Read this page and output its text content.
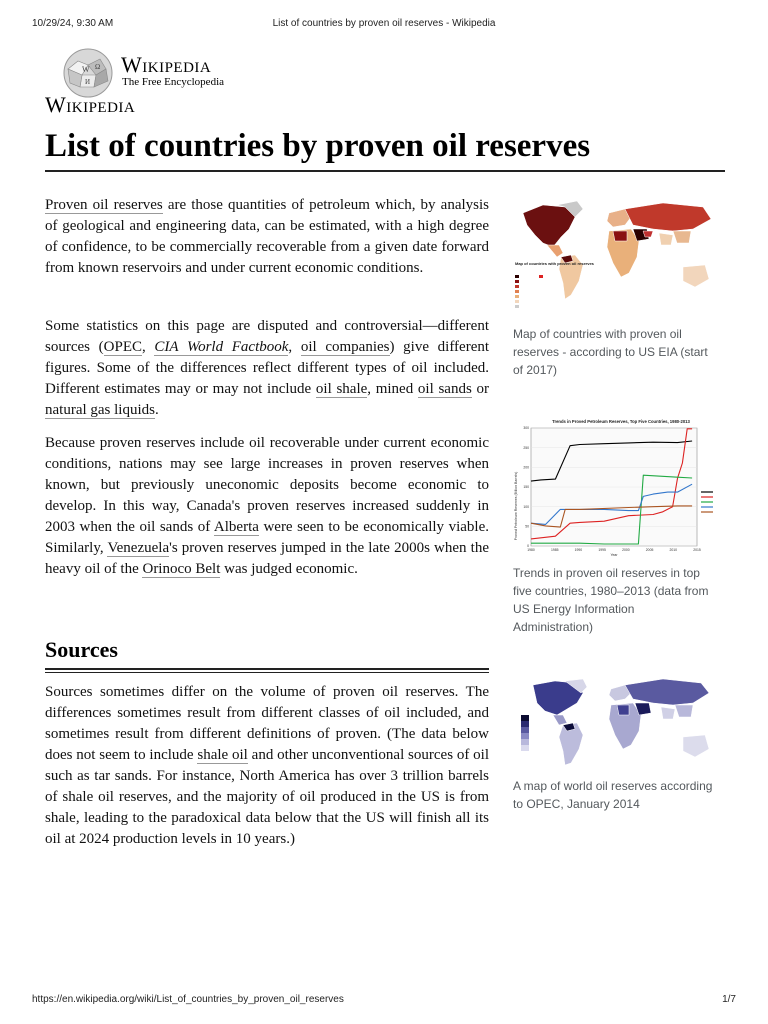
10/29/24, 9:30 AM	List of countries by proven oil reserves - Wikipedia
W Ω
И
Wikipedia
The Free Encyclopedia
Wikipedia
List of countries by proven oil reserves

Proven oil reserves are those quantities of petroleum which, by analysis of geological and engineering data, can be estimated, with a high degree of confidence, to be commercially recoverable from a given date forward from known reservoirs and under current economic conditions.

Some statistics on this page are disputed and controversial—different sources (OPEC, CIA World Factbook, oil companies) give different figures. Some of the differences reflect different types of oil included. Different estimates may or may not include oil shale, mined oil sands or natural gas liquids.

Because proven reserves include oil recoverable under current economic conditions, nations may see large increases in proven reserves when known, but previously uneconomic deposits become economic to develop. In this way, Canada's proven reserves increased suddenly in 2003 when the oil sands of Alberta were seen to be economically viable. Similarly, Venezuela's proven reserves jumped in the late 2000s when the heavy oil of the Orinoco Belt was judged economic.

Sources

Sources sometimes differ on the volume of proven oil reserves. The differences sometimes result from different classes of oil included, and sometimes result from different definitions of proven. (The data below does not seem to include shale oil and other unconventional sources of oil such as tar sands. For instance, North America has over 3 trillion barrels of shale oil reserves, and the majority of oil produced in the US is from shale, leading to the paradoxical data below that the US will finish all its oil at 2024 production levels in 10 years.)

Map of countries with proven oil reserves
Map of countries with proven oil reserves - according to US EIA (start of 2017)
Trends in Proved Petroleum Reserves, Top Five Countries, 1980-2013
Proved Petroleum Reserves (Billion Barrels)
Year
0
50
100
150
200
250
300
1980	1985	1990	1995	2000	2005	2010	2015
Trends in proven oil reserves in top five countries, 1980–2013 (data from US Energy Information Administration)
A map of world oil reserves according to OPEC, January 2014
https://en.wikipedia.org/wiki/List_of_countries_by_proven_oil_reserves	1/7
